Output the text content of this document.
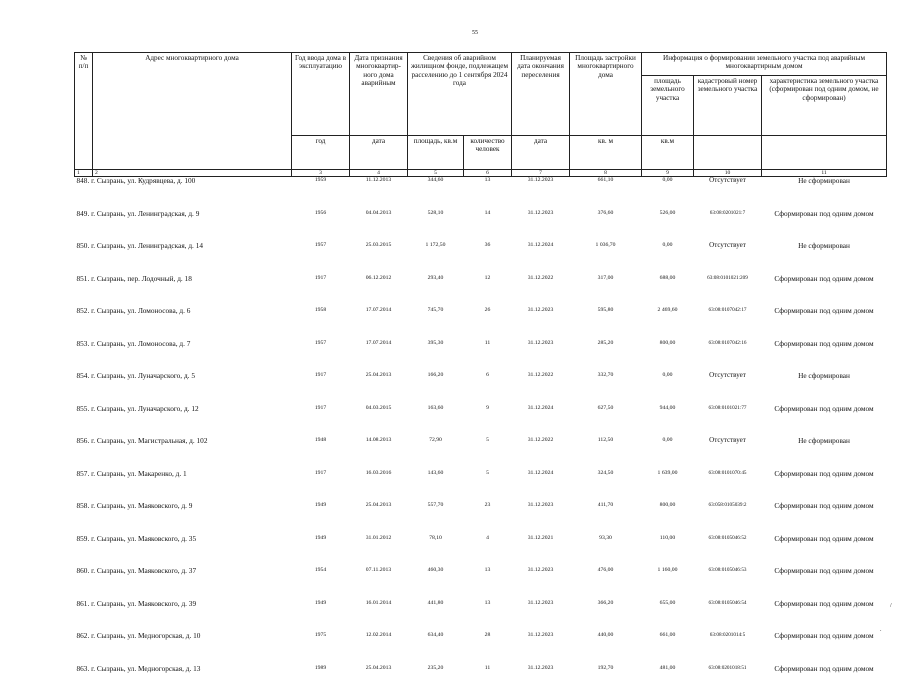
55
№ п/п	Адрес многоквартирного дома	Год ввода дома в эксплуатацию	Дата признания многоквартир-ного дома аварийным	Сведения об аварийном жилищном фонде, подлежащем расселению до 1 сентября 2024 года		Планируемая дата окончания переселения	Площадь застройки многоквартирного дома	Информация о формировании земельного участка под аварийным многоквартирным домом		
								площадь земельного участка	кадастровый номер земельного участка	характеристика земельного участка (сформирован под одним домом, не сформирован)
		год	дата	площадь, кв.м	количество человек	дата	кв. м	кв.м		
1	2	3	4	5	6	7	8	9	10	11
848. г. Сызрань, ул. Кудрявцева, д. 100		1959	11.12.2013	344,60	13	31.12.2023	661,10	0,00	Отсутствует	Не сформирован
849. г. Сызрань, ул. Ленинградская, д. 9		1956	04.04.2013	528,10	14	31.12.2023	376,60	526,00	63:08:0201021:7	Сформирован под одним домом
850. г. Сызрань, ул. Ленинградская, д. 14		1957	25.03.2015	1 172,50	36	31.12.2024	1 036,70	0,00	Отсутствует	Не сформирован
851. г. Сызрань, пер. Лодочный, д. 18		1917	06.12.2012	293,40	12	31.12.2022	317,00	688,00	63:08:0101021:209	Сформирован под одним домом
852. г. Сызрань, ул. Ломоносова, д. 6		1958	17.07.2014	745,70	26	31.12.2023	595,80	2 469,60	63:08:0107042:17	Сформирован под одним домом
853. г. Сызрань, ул. Ломоносова, д. 7		1957	17.07.2014	395,30	11	31.12.2023	285,20	800,00	63:08:0107042:16	Сформирован под одним домом
854. г. Сызрань, ул. Луначарского, д. 5		1917	25.04.2013	166,20	6	31.12.2022	332,70	0,00	Отсутствует	Не сформирован
855. г. Сызрань, ул. Луначарского, д. 12		1917	04.03.2015	163,60	9	31.12.2024	627,50	944,00	63:08:0101021:77	Сформирован под одним домом
856. г. Сызрань, ул. Магистральная, д. 102		1948	14.08.2013	72,90	5	31.12.2022	112,50	0,00	Отсутствует	Не сформирован
857. г. Сызрань, ул. Макаренко, д. 1		1917	16.03.2016	143,60	5	31.12.2024	324,50	1 639,00	63:08:0101070:45	Сформирован под одним домом
858. г. Сызрань, ул. Маяковского, д. 9		1949	25.04.2013	557,70	23	31.12.2023	411,70	800,00	63:058:0105039:2	Сформирован под одним домом
859. г. Сызрань, ул. Маяковского, д. 35		1949	31.01.2012	78,10	4	31.12.2021	93,30	110,00	63:08:0105046:52	Сформирован под одним домом
860. г. Сызрань, ул. Маяковского, д. 37		1954	07.11.2013	460,30	13	31.12.2023	476,00	1 160,00	63:08:0105046:53	Сформирован под одним домом
861. г. Сызрань, ул. Маяковского, д. 39		1949	16.01.2014	441,80	13	31.12.2023	366,20	655,00	63:08:0105046:54	Сформирован под одним домом
862. г. Сызрань, ул. Медногорская, д. 10		1975	12.02.2014	634,40	28	31.12.2023	440,00	661,00	63:08:0201014:5	Сформирован под одним домом
863. г. Сызрань, ул. Медногорская, д. 13		1989	25.04.2013	235,20	11	31.12.2023	192,70	481,00	63:08:0201018:51	Сформирован под одним домом
/
.
